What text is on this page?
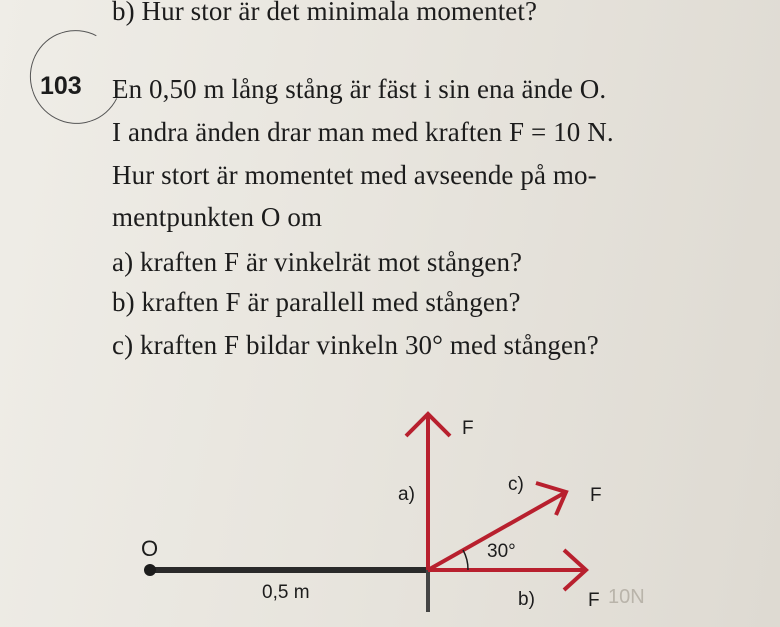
b) Hur stor är det minimala momentet?
103 En 0,50 m lång stång är fäst i sin ena ände O.
I andra änden drar man med kraften F = 10 N.
Hur stort är momentet med avseende på mo-
mentpunkten O om
a) kraften F är vinkelrät mot stången?
b) kraften F är parallell med stången?
c) kraften F bildar vinkeln 30° med stången?
O
0,5 m
F
a)	c)
F
30°
b)	F 10N
